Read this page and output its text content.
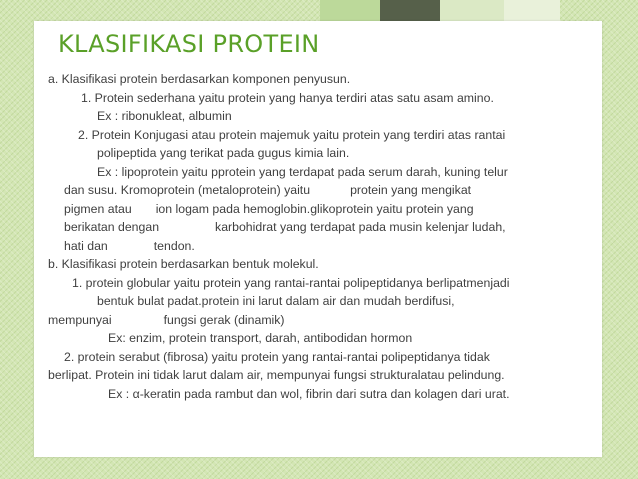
KLASIFIKASI PROTEIN
a. Klasifikasi protein berdasarkan komponen penyusun.
1. Protein sederhana yaitu protein yang hanya terdiri atas satu asam amino.
Ex : ribonukleat, albumin
2. Protein Konjugasi atau protein majemuk yaitu protein yang terdiri atas rantai
polipeptida yang terikat pada gugus kimia lain.
Ex : lipoprotein yaitu pprotein yang terdapat pada serum darah, kuning telur
dan susu. Kromoprotein (metaloprotein) yaitu	protein yang mengikat
pigmen atau ion logam pada hemoglobin.glikoprotein yaitu protein yang
berikatan dengan	karbohidrat yang terdapat pada musin kelenjar ludah,
hati dan	tendon.
b. Klasifikasi protein berdasarkan bentuk molekul.
1. protein globular yaitu protein yang rantai-rantai polipeptidanya berlipatmenjadi
bentuk bulat padat.protein ini larut dalam air dan mudah berdifusi,
mempunyai	fungsi gerak (dinamik)
Ex: enzim, protein transport, darah, antibodidan hormon
2. protein serabut (fibrosa) yaitu protein yang rantai-rantai polipeptidanya tidak
berlipat. Protein ini tidak larut dalam air, mempunyai fungsi strukturalatau pelindung.
Ex : α-keratin pada rambut dan wol, fibrin dari sutra dan kolagen dari urat.
